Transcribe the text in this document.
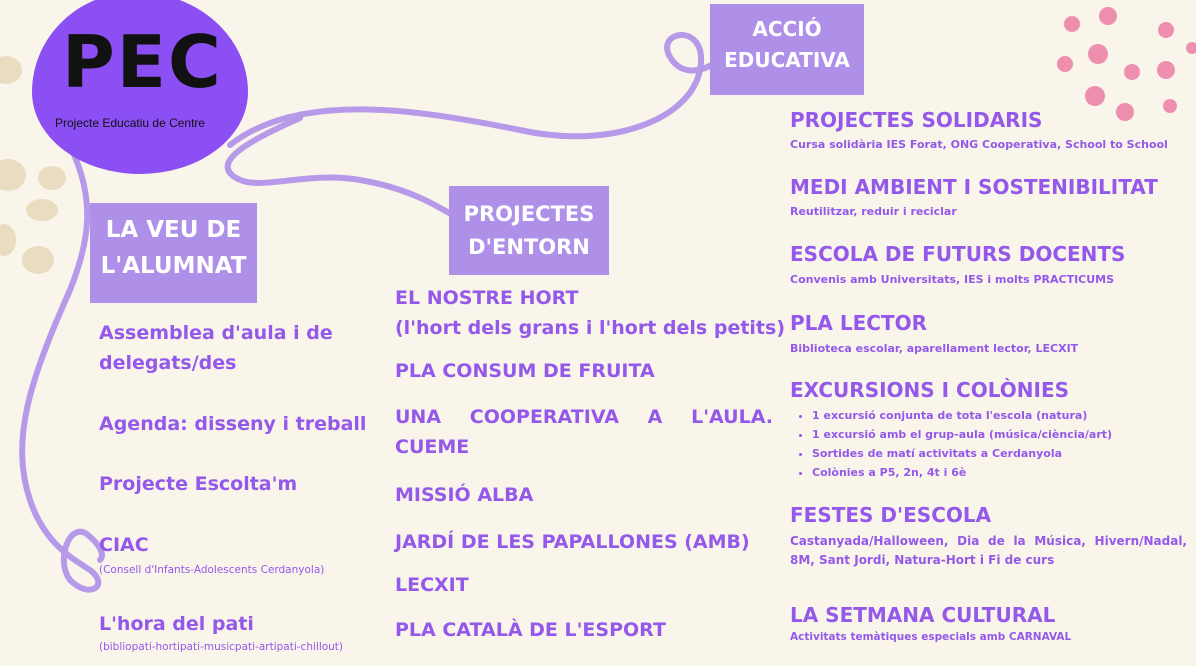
PEC
Projecte Educatiu de Centre
LA VEU DE
L'ALUMNAT
PROJECTES
D'ENTORN
ACCIÓ
EDUCATIVA
Assemblea d'aula i de
delegats/des
Agenda: disseny i treball
Projecte Escolta'm
CIAC
(Consell d'Infants-Adolescents Cerdanyola)
L'hora del pati
(bibliopati-hortipati-musicpati-artipati-chillout)
EL NOSTRE HORT
(l'hort dels grans i l'hort dels petits)
PLA CONSUM DE FRUITA
UNA COOPERATIVA A L'AULA.
CUEME
MISSIÓ ALBA
JARDÍ DE LES PAPALLONES (AMB)
LECXIT
PLA CATALÀ DE L'ESPORT
PROJECTES SOLIDARIS
Cursa solidària IES Forat, ONG Cooperativa, School to School
MEDI AMBIENT I SOSTENIBILITAT
Reutilitzar, reduir i reciclar
ESCOLA DE FUTURS DOCENTS
Convenis amb Universitats, IES i molts PRACTICUMS
PLA LECTOR
Biblioteca escolar, aparellament lector, LECXIT
EXCURSIONS I COLÒNIES
• 1 excursió conjunta de tota l'escola (natura)
• 1 excursió amb el grup-aula (música/ciència/art)
• Sortides de matí activitats a Cerdanyola
• Colònies a P5, 2n, 4t i 6è
FESTES D'ESCOLA
Castanyada/Halloween, Dia de la Música, Hivern/Nadal,
8M, Sant Jordi, Natura-Hort i Fi de curs
LA SETMANA CULTURAL
Activitats temàtiques especials amb CARNAVAL
